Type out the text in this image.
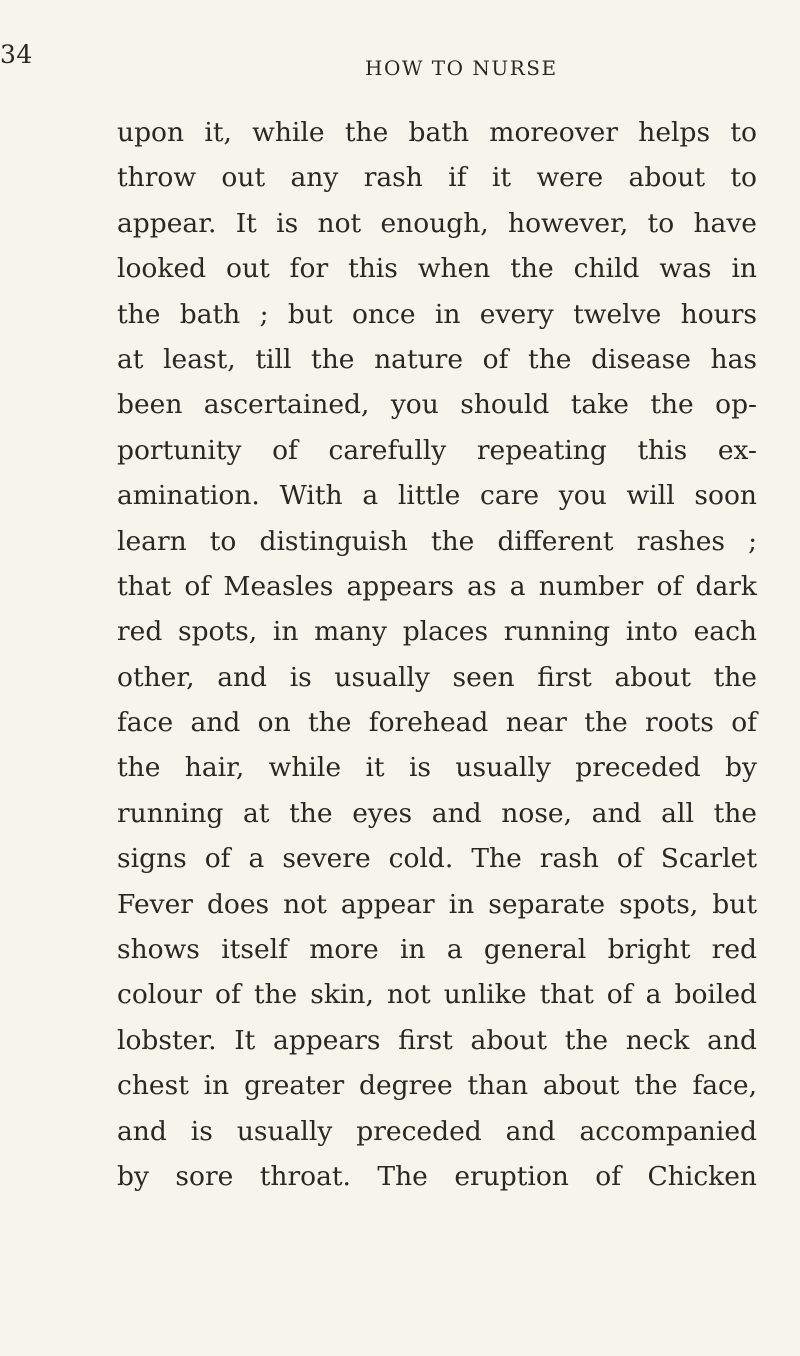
34	HOW TO NURSE
upon it, while the bath moreover helps to
throw out any rash if it were about to
appear. It is not enough, however, to have
looked out for this when the child was in
the bath ; but once in every twelve hours
at least, till the nature of the disease has
been ascertained, you should take the op-
portunity of carefully repeating this ex-
amination. With a little care you will soon
learn to distinguish the different rashes ;
that of Measles appears as a number of dark
red spots, in many places running into each
other, and is usually seen first about the
face and on the forehead near the roots of
the hair, while it is usually preceded by
running at the eyes and nose, and all the
signs of a severe cold. The rash of Scarlet
Fever does not appear in separate spots, but
shows itself more in a general bright red
colour of the skin, not unlike that of a boiled
lobster. It appears first about the neck and
chest in greater degree than about the face,
and is usually preceded and accompanied
by sore throat. The eruption of Chicken
